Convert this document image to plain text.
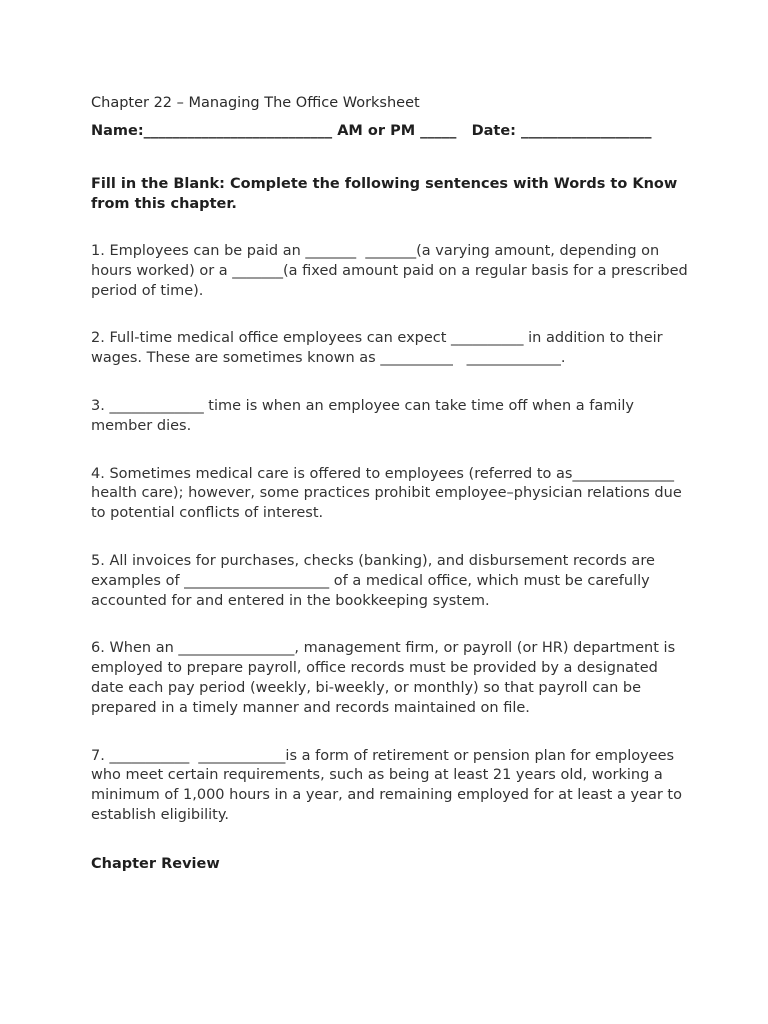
Chapter 22 – Managing The Office Worksheet

Name:__________________________ AM or PM _____   Date: __________________

Fill in the Blank: Complete the following sentences with Words to Know from this chapter.

1. Employees can be paid an _______  _______(a varying amount, depending on hours worked) or a _______(a fixed amount paid on a regular basis for a prescribed period of time).

2. Full-time medical office employees can expect __________ in addition to their wages. These are sometimes known as __________   _____________.

3. _____________ time is when an employee can take time off when a family member dies.

4. Sometimes medical care is offered to employees (referred to as______________ health care); however, some practices prohibit employee–physician relations due to potential conflicts of interest.

5. All invoices for purchases, checks (banking), and disbursement records are examples of ____________________ of a medical office, which must be carefully accounted for and entered in the bookkeeping system.

6. When an ________________, management firm, or payroll (or HR) department is employed to prepare payroll, office records must be provided by a designated date each pay period (weekly, bi-weekly, or monthly) so that payroll can be prepared in a timely manner and records maintained on file.

7. ___________  ____________is a form of retirement or pension plan for employees who meet certain requirements, such as being at least 21 years old, working a minimum of 1,000 hours in a year, and remaining employed for at least a year to establish eligibility.

Chapter Review
